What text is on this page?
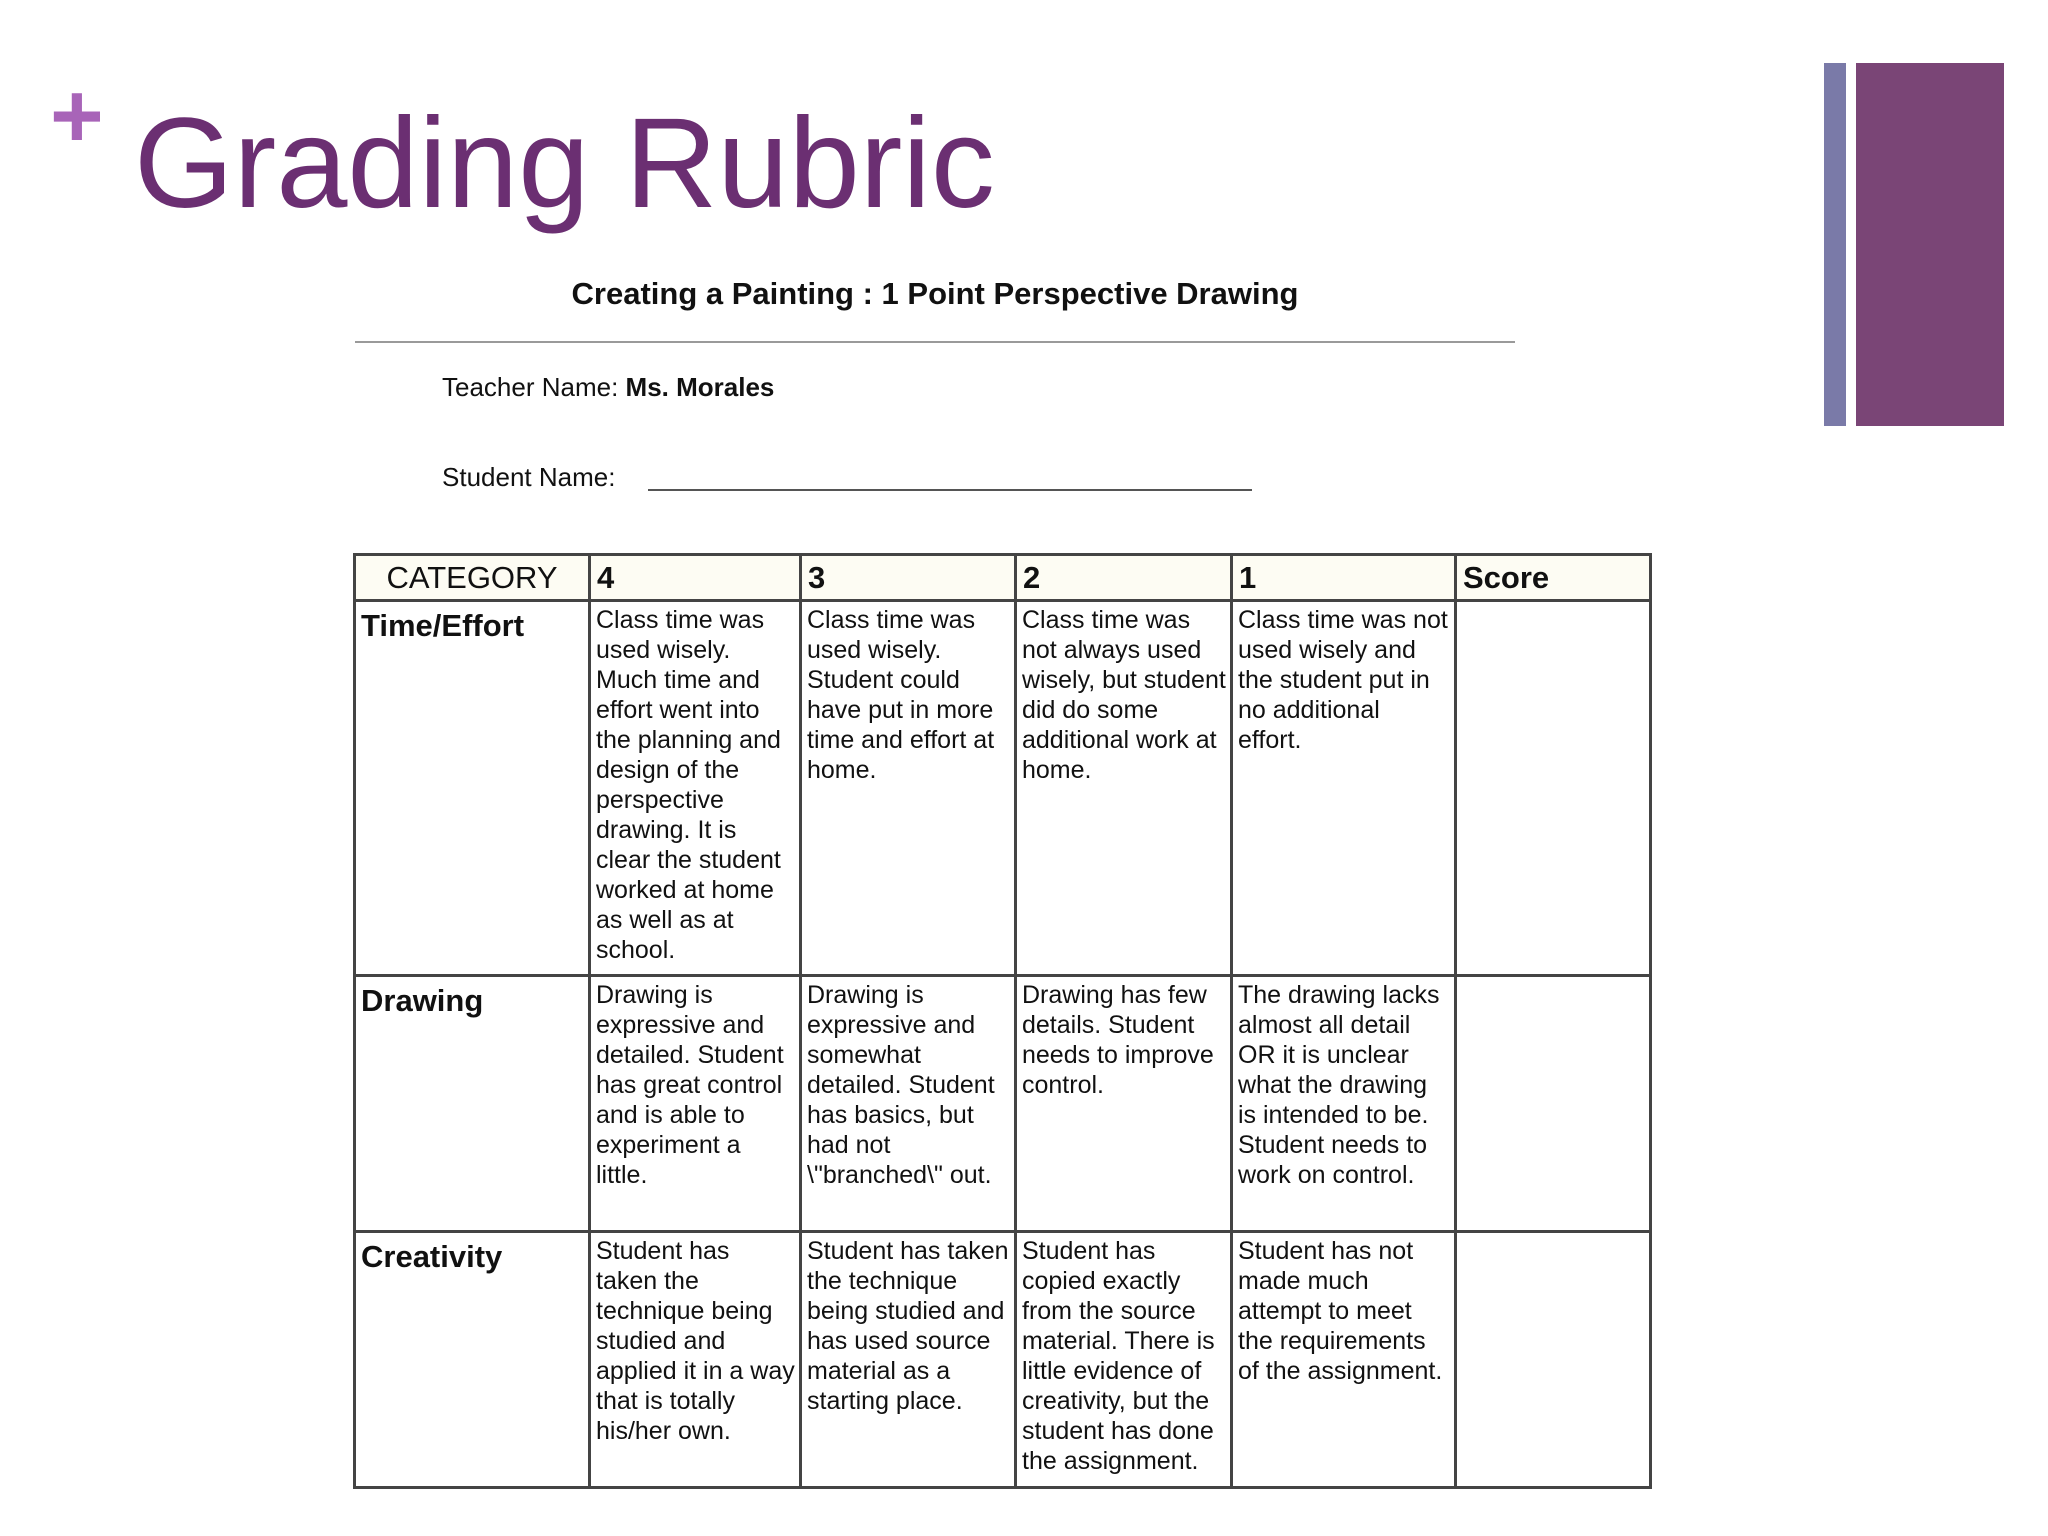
+ Grading Rubric
Creating a Painting : 1 Point Perspective Drawing
Teacher Name: Ms. Morales
Student Name:
CATEGORY	4	3	2	1	Score
Time/Effort	Class time was used wisely. Much time and effort went into the planning and design of the perspective drawing. It is clear the student worked at home as well as at school.	Class time was used wisely. Student could have put in more time and effort at home.	Class time was not always used wisely, but student did do some additional work at home.	Class time was not used wisely and the student put in no additional effort.	
Drawing	Drawing is expressive and detailed. Student has great control and is able to experiment a little.	Drawing is expressive and somewhat detailed. Student has basics, but had not \"branched\" out.	Drawing has few details. Student needs to improve control.	The drawing lacks almost all detail OR it is unclear what the drawing is intended to be. Student needs to work on control.	
Creativity	Student has taken the technique being studied and applied it in a way that is totally his/her own.	Student has taken the technique being studied and has used source material as a starting place.	Student has copied exactly from the source material. There is little evidence of creativity, but the student has done the assignment.	Student has not made much attempt to meet the requirements of the assignment.	
